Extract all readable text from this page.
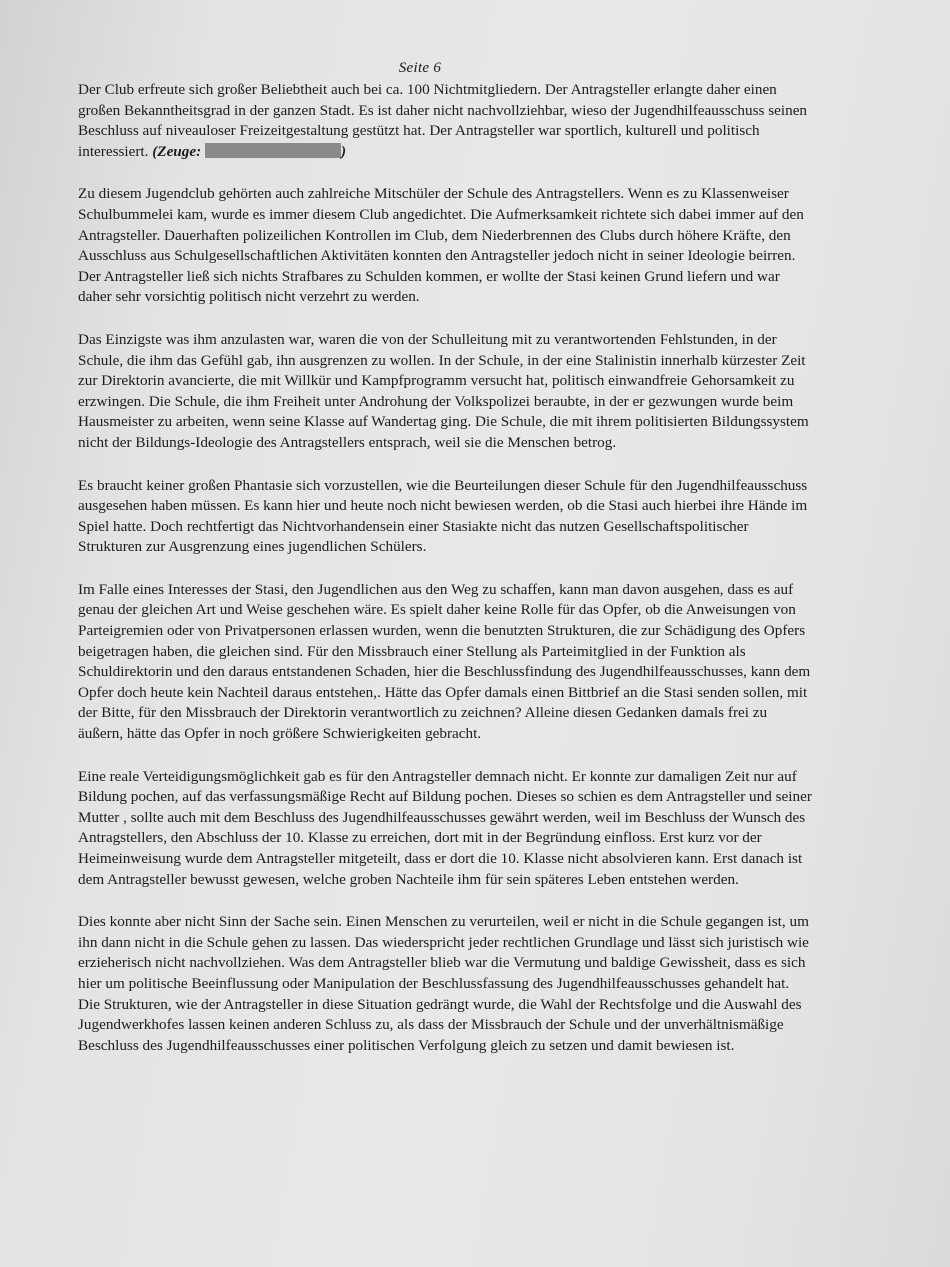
Seite 6

Der Club erfreute sich großer Beliebtheit auch bei ca. 100 Nichtmitgliedern. Der Antragsteller erlangte daher einen großen Bekanntheitsgrad in der ganzen Stadt. Es ist daher nicht nachvollziehbar, wieso der Jugendhilfeausschuss seinen Beschluss auf niveauloser Freizeitgestaltung gestützt hat. Der Antragsteller war sportlich, kulturell und politisch interessiert. (Zeuge:	)

Zu diesem Jugendclub gehörten auch zahlreiche Mitschüler der Schule des Antragstellers. Wenn es zu Klassenweiser Schulbummelei kam, wurde es immer diesem Club angedichtet. Die Aufmerksamkeit richtete sich dabei immer auf den Antragsteller. Dauerhaften polizeilichen Kontrollen im Club, dem Niederbrennen des Clubs durch höhere Kräfte, den Ausschluss aus Schulgesellschaftlichen Aktivitäten konnten den Antragsteller jedoch nicht in seiner Ideologie beirren. Der Antragsteller ließ sich nichts Strafbares zu Schulden kommen, er wollte der Stasi keinen Grund liefern und war daher sehr vorsichtig politisch nicht verzehrt zu werden.

Das Einzigste was ihm anzulasten war, waren die von der Schulleitung mit zu verantwortenden Fehlstunden, in der Schule, die ihm das Gefühl gab, ihn ausgrenzen zu wollen. In der Schule, in der eine Stalinistin innerhalb kürzester Zeit zur Direktorin avancierte, die mit Willkür und Kampfprogramm versucht hat, politisch einwandfreie Gehorsamkeit zu erzwingen. Die Schule, die ihm Freiheit unter Androhung der Volkspolizei beraubte, in der er gezwungen wurde beim Hausmeister zu arbeiten, wenn seine Klasse auf Wandertag ging. Die Schule, die mit ihrem politisierten Bildungssystem nicht der Bildungs-Ideologie des Antragstellers entsprach, weil sie die Menschen betrog.

Es braucht keiner großen Phantasie sich vorzustellen, wie die Beurteilungen dieser Schule für den Jugendhilfeausschuss ausgesehen haben müssen. Es kann hier und heute noch nicht bewiesen werden, ob die Stasi auch hierbei ihre Hände im Spiel hatte. Doch rechtfertigt das Nichtvorhandensein einer Stasiakte nicht das nutzen Gesellschaftspolitischer Strukturen zur Ausgrenzung eines jugendlichen Schülers.

Im Falle eines Interesses der Stasi, den Jugendlichen aus den Weg zu schaffen, kann man davon ausgehen, dass es auf genau der gleichen Art und Weise geschehen wäre. Es spielt daher keine Rolle für das Opfer, ob die Anweisungen von Parteigremien oder von Privatpersonen erlassen wurden, wenn die benutzten Strukturen, die zur Schädigung des Opfers beigetragen haben, die gleichen sind. Für den Missbrauch einer Stellung als Parteimitglied in der Funktion als Schuldirektorin und den daraus entstandenen Schaden, hier die Beschlussfindung des Jugendhilfeausschusses, kann dem Opfer doch heute kein Nachteil daraus entstehen,. Hätte das Opfer damals einen Bittbrief an die Stasi senden sollen, mit der Bitte, für den Missbrauch der Direktorin verantwortlich zu zeichnen? Alleine diesen Gedanken damals frei zu äußern, hätte das Opfer in noch größere Schwierigkeiten gebracht.

Eine reale Verteidigungsmöglichkeit gab es für den Antragsteller demnach nicht. Er konnte zur damaligen Zeit nur auf Bildung pochen, auf das verfassungsmäßige Recht auf Bildung pochen. Dieses so schien es dem Antragsteller und seiner Mutter , sollte auch mit dem Beschluss des Jugendhilfeausschusses gewährt werden, weil im Beschluss der Wunsch des Antragstellers, den Abschluss der 10. Klasse zu erreichen, dort mit in der Begründung einfloss. Erst kurz vor der Heimeinweisung wurde dem Antragsteller mitgeteilt, dass er dort die 10. Klasse nicht absolvieren kann. Erst danach ist dem Antragsteller bewusst gewesen, welche groben Nachteile ihm für sein späteres Leben entstehen werden.

Dies konnte aber nicht Sinn der Sache sein. Einen Menschen zu verurteilen, weil er nicht in die Schule gegangen ist, um ihn dann nicht in die Schule gehen zu lassen. Das wiederspricht jeder rechtlichen Grundlage und lässt sich juristisch wie erzieherisch nicht nachvollziehen. Was dem Antragsteller blieb war die Vermutung und baldige Gewissheit, dass es sich hier um politische Beeinflussung oder Manipulation der Beschlussfassung des Jugendhilfeausschusses gehandelt hat. Die Strukturen, wie der Antragsteller in diese Situation gedrängt wurde, die Wahl der Rechtsfolge und die Auswahl des Jugendwerkhofes lassen keinen anderen Schluss zu, als dass der Missbrauch der Schule und der unverhältnismäßige Beschluss des Jugendhilfeausschusses einer politischen Verfolgung gleich zu setzen und damit bewiesen ist.
